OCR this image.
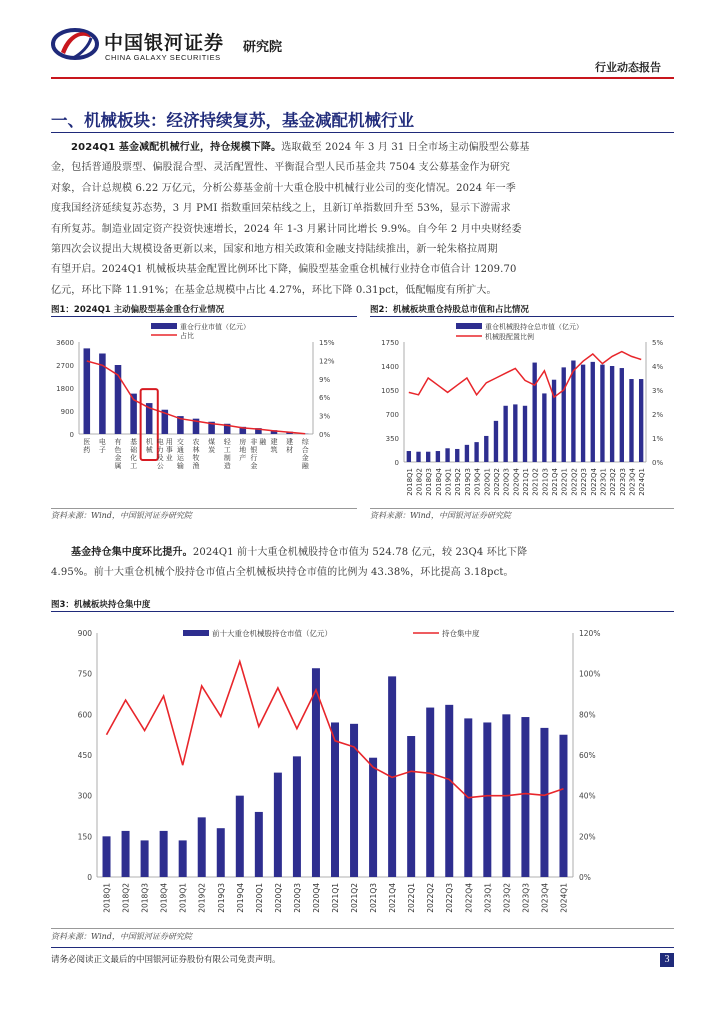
中国银河证券
CHINA GALAXY SECURITIES
研究院
行业动态报告
一、机械板块：经济持续复苏，基金减配机械行业
2024Q1 基金减配机械行业，持仓规模下降。选取截至 2024 年 3 月 31 日全市场主动偏股型公募基
金，包括普通股票型、偏股混合型、灵活配置性、平衡混合型人民币基金共 7504 支公募基金作为研究
对象，合计总规模 6.22 万亿元，分析公募基金前十大重仓股中机械行业公司的变化情况。2024 年一季
度我国经济延续复苏态势，3 月 PMI 指数重回荣枯线之上，且新订单指数回升至 53%，显示下游需求
有所复苏。制造业固定资产投资快速增长，2024 年 1-3 月累计同比增长 9.9%。自今年 2 月中央财经委
第四次会议提出大规模设备更新以来，国家和地方相关政策和金融支持陆续推出，新一轮朱格拉周期
有望开启。2024Q1 机械板块基金配置比例环比下降，偏股型基金重仓机械行业持仓市值合计 1209.70
亿元，环比下降 11.91%；在基金总规模中占比 4.27%，环比下降 0.31pct，低配幅度有所扩大。
图1：2024Q1 主动偏股型基金重仓行业情况
0
900
1800
2700
3600
0%
3%
6%
9%
12%
15%
医药
电子
有色金属
基础化工
机械
电力及公
用事业
交通运输
农林牧渔
煤炭
轻工制造
房地产
非银行金
融 建筑
建材
综合金融
重仓行业市值（亿元）
占比
资料来源：Wind，中国银河证券研究院
图2：机械板块重仓持股总市值和占比情况
0
350
700
1050
1400
1750
0%
1%
2%
3%
4%
5%
2018Q1 2018Q2 2018Q3 2018Q4 2019Q1 2019Q2 2019Q3 2019Q4 2020Q1 2020Q2 2020Q3 2020Q4 2021Q1 2021Q2 2021Q3 2021Q4 2022Q1 2022Q2 2022Q3 2022Q4 2023Q1 2023Q2 2023Q3 2023Q4 2024Q1
重仓机械股持仓总市值（亿元）
机械股配置比例
资料来源：Wind，中国银河证券研究院
基金持仓集中度环比提升。2024Q1 前十大重仓机械股持仓市值为 524.78 亿元，较 23Q4 环比下降
4.95%。前十大重仓机械个股持仓市值占全机械板块持仓市值的比例为 43.38%，环比提高 3.18pct。
图3：机械板块持仓集中度
0
150
300
450
600
750
900
0%
20%
40%
60%
80%
100%
120%
2018Q1 2018Q2 2018Q3 2018Q4 2019Q1 2019Q2 2019Q3 2019Q4 2020Q1 2020Q2 2020Q3 2020Q4 2021Q1 2021Q2 2021Q3 2021Q4 2022Q1 2022Q2 2022Q3 2022Q4 2023Q1 2023Q2 2023Q3 2023Q4 2024Q1
前十大重仓机械股持仓市值（亿元）	持仓集中度
资料来源：Wind，中国银河证券研究院
请务必阅读正文最后的中国银河证券股份有限公司免责声明。	3
